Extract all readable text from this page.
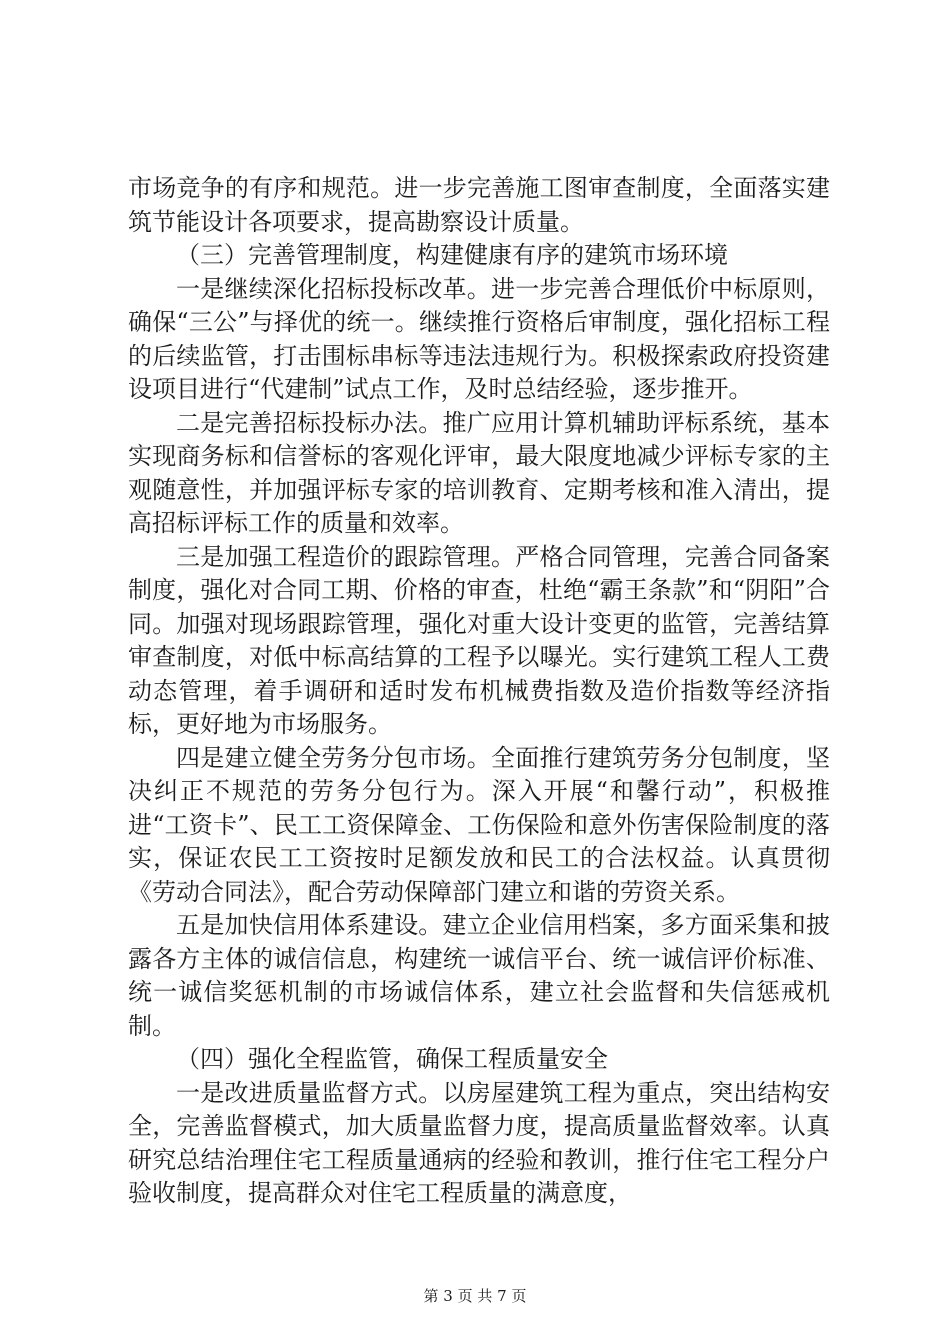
市场竞争的有序和规范。进一步完善施工图审查制度，全面落实建筑节能设计各项要求，提高勘察设计质量。

（三）完善管理制度，构建健康有序的建筑市场环境

一是继续深化招标投标改革。进一步完善合理低价中标原则，确保“三公”与择优的统一。继续推行资格后审制度，强化招标工程的后续监管，打击围标串标等违法违规行为。积极探索政府投资建设项目进行“代建制”试点工作，及时总结经验，逐步推开。

二是完善招标投标办法。推广应用计算机辅助评标系统，基本实现商务标和信誉标的客观化评审，最大限度地减少评标专家的主观随意性，并加强评标专家的培训教育、定期考核和准入清出，提高招标评标工作的质量和效率。

三是加强工程造价的跟踪管理。严格合同管理，完善合同备案制度，强化对合同工期、价格的审查，杜绝“霸王条款”和“阴阳”合同。加强对现场跟踪管理，强化对重大设计变更的监管，完善结算审查制度，对低中标高结算的工程予以曝光。实行建筑工程人工费动态管理，着手调研和适时发布机械费指数及造价指数等经济指标，更好地为市场服务。

四是建立健全劳务分包市场。全面推行建筑劳务分包制度，坚决纠正不规范的劳务分包行为。深入开展“和馨行动”，积极推进“工资卡”、民工工资保障金、工伤保险和意外伤害保险制度的落实，保证农民工工资按时足额发放和民工的合法权益。认真贯彻《劳动合同法》，配合劳动保障部门建立和谐的劳资关系。

五是加快信用体系建设。建立企业信用档案，多方面采集和披露各方主体的诚信信息，构建统一诚信平台、统一诚信评价标准、统一诚信奖惩机制的市场诚信体系，建立社会监督和失信惩戒机制。

（四）强化全程监管，确保工程质量安全

一是改进质量监督方式。以房屋建筑工程为重点，突出结构安全，完善监督模式，加大质量监督力度，提高质量监督效率。认真研究总结治理住宅工程质量通病的经验和教训，推行住宅工程分户验收制度，提高群众对住宅工程质量的满意度，

第 3 页 共 7 页
